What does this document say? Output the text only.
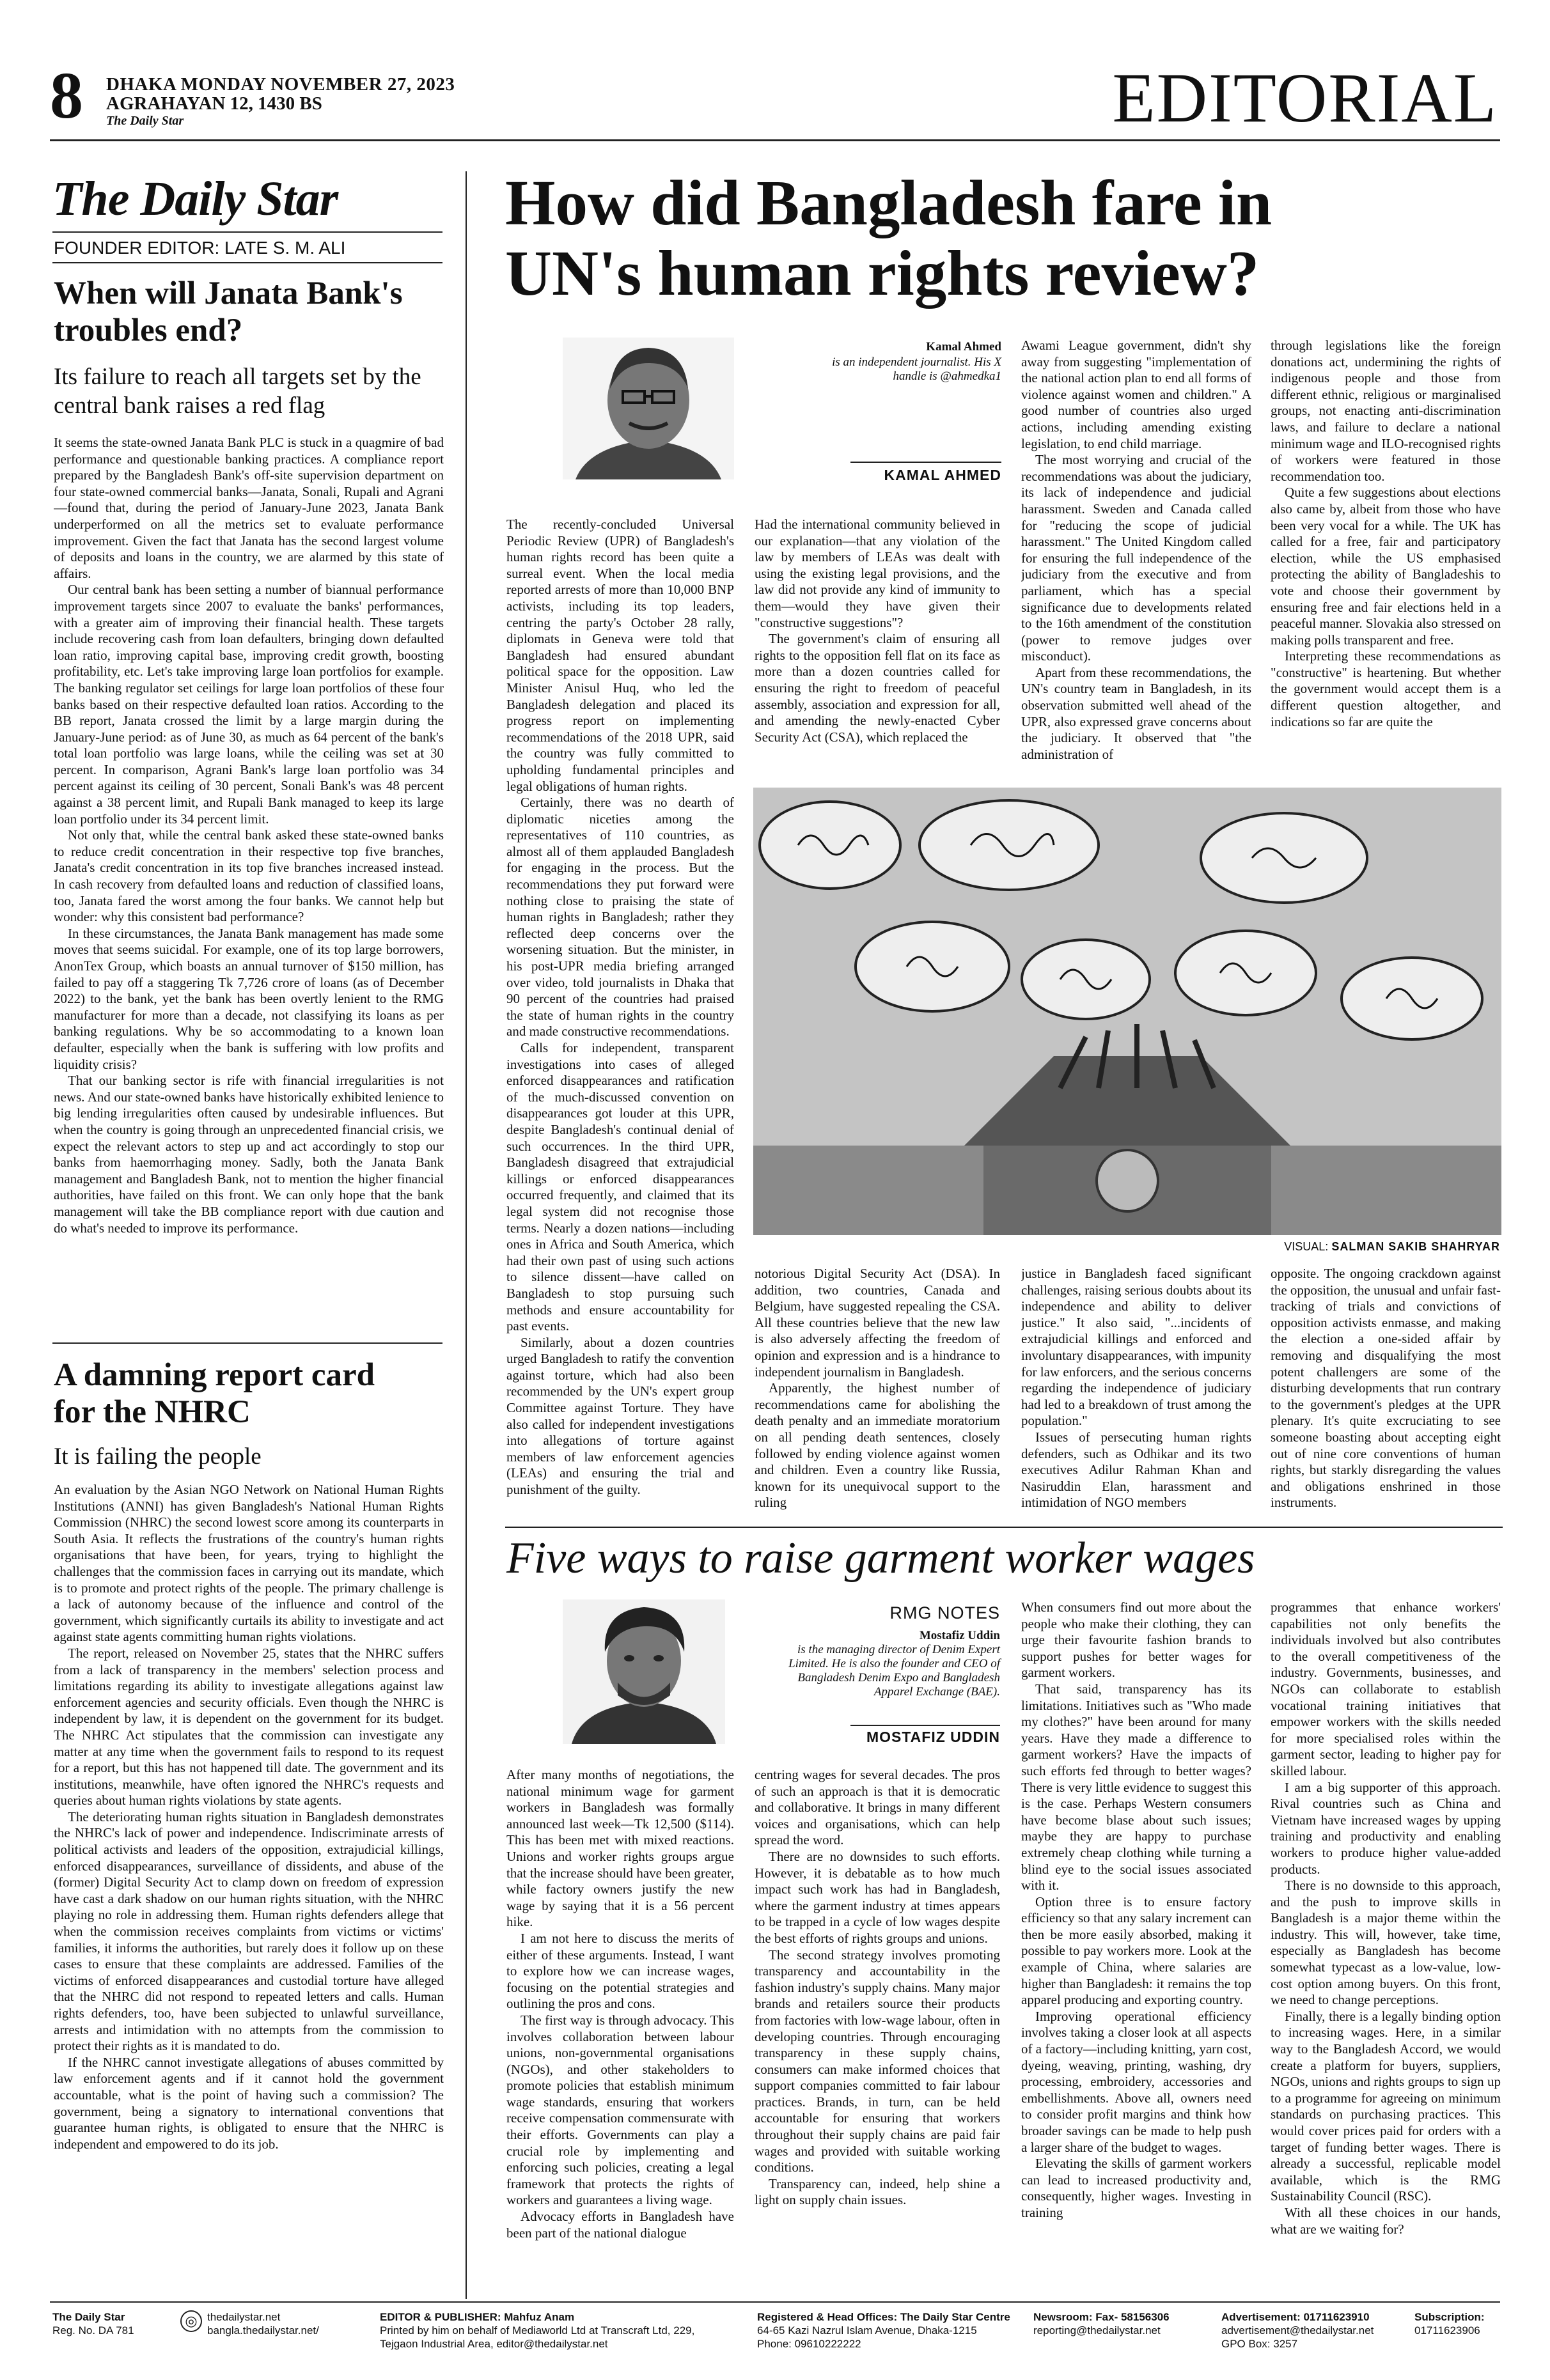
8 DHAKA MONDAY NOVEMBER 27, 2023
AGRAHAYAN 12, 1430 BS
The Daily Star	EDITORIAL
The Daily Star
FOUNDER EDITOR: LATE S. M. ALI
When will Janata Bank's troubles end?
Its failure to reach all targets set by the central bank raises a red flag

It seems the state-owned Janata Bank PLC is stuck in a quagmire of bad performance and questionable banking practices. A compliance report prepared by the Bangladesh Bank's off-site supervision department on four state-owned commercial banks—Janata, Sonali, Rupali and Agrani—found that, during the period of January-June 2023, Janata Bank underperformed on all the metrics set to evaluate performance improvement. Given the fact that Janata has the second largest volume of deposits and loans in the country, we are alarmed by this state of affairs.

Our central bank has been setting a number of biannual performance improvement targets since 2007 to evaluate the banks' performances, with a greater aim of improving their financial health. These targets include recovering cash from loan defaulters, bringing down defaulted loan ratio, improving capital base, improving credit growth, boosting profitability, etc. Let's take improving large loan portfolios for example. The banking regulator set ceilings for large loan portfolios of these four banks based on their respective defaulted loan ratios. According to the BB report, Janata crossed the limit by a large margin during the January-June period: as of June 30, as much as 64 percent of the bank's total loan portfolio was large loans, while the ceiling was set at 30 percent. In comparison, Agrani Bank's large loan portfolio was 34 percent against its ceiling of 30 percent, Sonali Bank's was 48 percent against a 38 percent limit, and Rupali Bank managed to keep its large loan portfolio under its 34 percent limit.

Not only that, while the central bank asked these state-owned banks to reduce credit concentration in their respective top five branches, Janata's credit concentration in its top five branches increased instead. In cash recovery from defaulted loans and reduction of classified loans, too, Janata fared the worst among the four banks. We cannot help but wonder: why this consistent bad performance?

In these circumstances, the Janata Bank management has made some moves that seems suicidal. For example, one of its top large borrowers, AnonTex Group, which boasts an annual turnover of $150 million, has failed to pay off a staggering Tk 7,726 crore of loans (as of December 2022) to the bank, yet the bank has been overtly lenient to the RMG manufacturer for more than a decade, not classifying its loans as per banking regulations. Why be so accommodating to a known loan defaulter, especially when the bank is suffering with low profits and liquidity crisis?

That our banking sector is rife with financial irregularities is not news. And our state-owned banks have historically exhibited lenience to big lending irregularities often caused by undesirable influences. But when the country is going through an unprecedented financial crisis, we expect the relevant actors to step up and act accordingly to stop our banks from haemorrhaging money. Sadly, both the Janata Bank management and Bangladesh Bank, not to mention the higher financial authorities, have failed on this front. We can only hope that the bank management will take the BB compliance report with due caution and do what's needed to improve its performance.

A damning report card for the NHRC
It is failing the people

An evaluation by the Asian NGO Network on National Human Rights Institutions (ANNI) has given Bangladesh's National Human Rights Commission (NHRC) the second lowest score among its counterparts in South Asia. It reflects the frustrations of the country's human rights organisations that have been, for years, trying to highlight the challenges that the commission faces in carrying out its mandate, which is to promote and protect rights of the people. The primary challenge is a lack of autonomy because of the influence and control of the government, which significantly curtails its ability to investigate and act against state agents committing human rights violations.

The report, released on November 25, states that the NHRC suffers from a lack of transparency in the members' selection process and limitations regarding its ability to investigate allegations against law enforcement agencies and security officials. Even though the NHRC is independent by law, it is dependent on the government for its budget. The NHRC Act stipulates that the commission can investigate any matter at any time when the government fails to respond to its request for a report, but this has not happened till date. The government and its institutions, meanwhile, have often ignored the NHRC's requests and queries about human rights violations by state agents.

The deteriorating human rights situation in Bangladesh demonstrates the NHRC's lack of power and independence. Indiscriminate arrests of political activists and leaders of the opposition, extrajudicial killings, enforced disappearances, surveillance of dissidents, and abuse of the (former) Digital Security Act to clamp down on freedom of expression have cast a dark shadow on our human rights situation, with the NHRC playing no role in addressing them. Human rights defenders allege that when the commission receives complaints from victims or victims' families, it informs the authorities, but rarely does it follow up on these cases to ensure that these complaints are addressed. Families of the victims of enforced disappearances and custodial torture have alleged that the NHRC did not respond to repeated letters and calls. Human rights defenders, too, have been subjected to unlawful surveillance, arrests and intimidation with no attempts from the commission to protect their rights as it is mandated to do.

If the NHRC cannot investigate allegations of abuses committed by law enforcement agents and if it cannot hold the government accountable, what is the point of having such a commission? The government, being a signatory to international conventions that guarantee human rights, is obligated to ensure that the NHRC is independent and empowered to do its job.

How did Bangladesh fare in
UN's human rights review?
Kamal Ahmed
is an independent journalist. His X handle is @ahmedka1
KAMAL AHMED

The recently-concluded Universal Periodic Review (UPR) of Bangladesh's human rights record has been quite a surreal event. When the local media reported arrests of more than 10,000 BNP activists, including its top leaders, centring the party's October 28 rally, diplomats in Geneva were told that Bangladesh had ensured abundant political space for the opposition. Law Minister Anisul Huq, who led the Bangladesh delegation and placed its progress report on implementing recommendations of the 2018 UPR, said the country was fully committed to upholding fundamental principles and legal obligations of human rights.

Certainly, there was no dearth of diplomatic niceties among the representatives of 110 countries, as almost all of them applauded Bangladesh for engaging in the process. But the recommendations they put forward were nothing close to praising the state of human rights in Bangladesh; rather they reflected deep concerns over the worsening situation. But the minister, in his post-UPR media briefing arranged over video, told journalists in Dhaka that 90 percent of the countries had praised the state of human rights in the country and made constructive recommendations.

Calls for independent, transparent investigations into cases of alleged enforced disappearances and ratification of the much-discussed convention on disappearances got louder at this UPR, despite Bangladesh's continual denial of such occurrences. In the third UPR, Bangladesh disagreed that extrajudicial killings or enforced disappearances occurred frequently, and claimed that its legal system did not recognise those terms. Nearly a dozen nations—including ones in Africa and South America, which had their own past of using such actions to silence dissent—have called on Bangladesh to stop pursuing such methods and ensure accountability for past events.

Similarly, about a dozen countries urged Bangladesh to ratify the convention against torture, which had also been recommended by the UN's expert group Committee against Torture. They have also called for independent investigations into allegations of torture against members of law enforcement agencies (LEAs) and ensuring the trial and punishment of the guilty.

Had the international community believed in our explanation—that any violation of the law by members of LEAs was dealt with using the existing legal provisions, and the law did not provide any kind of immunity to them—would they have given their "constructive suggestions"?

The government's claim of ensuring all rights to the opposition fell flat on its face as more than a dozen countries called for ensuring the right to freedom of peaceful assembly, association and expression for all, and amending the newly-enacted Cyber Security Act (CSA), which replaced the

Awami League government, didn't shy away from suggesting "implementation of the national action plan to end all forms of violence against women and children." A good number of countries also urged actions, including amending existing legislation, to end child marriage.

The most worrying and crucial of the recommendations was about the judiciary, its lack of independence and judicial harassment. Sweden and Canada called for "reducing the scope of judicial harassment." The United Kingdom called for ensuring the full independence of the judiciary from the executive and from parliament, which has a special significance due to developments related to the 16th amendment of the constitution (power to remove judges over misconduct).

Apart from these recommendations, the UN's country team in Bangladesh, in its observation submitted well ahead of the UPR, also expressed grave concerns about the judiciary. It observed that "the administration of

through legislations like the foreign donations act, undermining the rights of indigenous people and those from different ethnic, religious or marginalised groups, not enacting anti-discrimination laws, and failure to declare a national minimum wage and ILO-recognised rights of workers were featured in those recommendation too.

Quite a few suggestions about elections also came by, albeit from those who have been very vocal for a while. The UK has called for a free, fair and participatory election, while the US emphasised protecting the ability of Bangladeshis to vote and choose their government by ensuring free and fair elections held in a peaceful manner. Slovakia also stressed on making polls transparent and free.

Interpreting these recommendations as "constructive" is heartening. But whether the government would accept them is a different question altogether, and indications so far are quite the

VISUAL: SALMAN SAKIB SHAHRYAR

notorious Digital Security Act (DSA). In addition, two countries, Canada and Belgium, have suggested repealing the CSA. All these countries believe that the new law is also adversely affecting the freedom of opinion and expression and is a hindrance to independent journalism in Bangladesh.

Apparently, the highest number of recommendations came for abolishing the death penalty and an immediate moratorium on all pending death sentences, closely followed by ending violence against women and children. Even a country like Russia, known for its unequivocal support to the ruling

justice in Bangladesh faced significant challenges, raising serious doubts about its independence and ability to deliver justice." It also said, "...incidents of extrajudicial killings and enforced and involuntary disappearances, with impunity for law enforcers, and the serious concerns regarding the independence of judiciary had led to a breakdown of trust among the population."

Issues of persecuting human rights defenders, such as Odhikar and its two executives Adilur Rahman Khan and Nasiruddin Elan, harassment and intimidation of NGO members

opposite. The ongoing crackdown against the opposition, the unusual and unfair fast-tracking of trials and convictions of opposition activists enmasse, and making the election a one-sided affair by removing and disqualifying the most potent challengers are some of the disturbing developments that run contrary to the government's pledges at the UPR plenary. It's quite excruciating to see someone boasting about accepting eight out of nine core conventions of human rights, but starkly disregarding the values and obligations enshrined in those instruments.

Five ways to raise garment worker wages
RMG NOTES
Mostafiz Uddin
is the managing director of Denim Expert Limited. He is also the founder and CEO of Bangladesh Denim Expo and Bangladesh Apparel Exchange (BAE).
MOSTAFIZ UDDIN

After many months of negotiations, the national minimum wage for garment workers in Bangladesh was formally announced last week—Tk 12,500 ($114). This has been met with mixed reactions. Unions and worker rights groups argue that the increase should have been greater, while factory owners justify the new wage by saying that it is a 56 percent hike.

I am not here to discuss the merits of either of these arguments. Instead, I want to explore how we can increase wages, focusing on the potential strategies and outlining the pros and cons.

The first way is through advocacy. This involves collaboration between labour unions, non-governmental organisations (NGOs), and other stakeholders to promote policies that establish minimum wage standards, ensuring that workers receive compensation commensurate with their efforts. Governments can play a crucial role by implementing and enforcing such policies, creating a legal framework that protects the rights of workers and guarantees a living wage.

Advocacy efforts in Bangladesh have been part of the national dialogue

centring wages for several decades. The pros of such an approach is that it is democratic and collaborative. It brings in many different voices and organisations, which can help spread the word.

There are no downsides to such efforts. However, it is debatable as to how much impact such work has had in Bangladesh, where the garment industry at times appears to be trapped in a cycle of low wages despite the best efforts of rights groups and unions.

The second strategy involves promoting transparency and accountability in the fashion industry's supply chains. Many major brands and retailers source their products from factories with low-wage labour, often in developing countries. Through encouraging transparency in these supply chains, consumers can make informed choices that support companies committed to fair labour practices. Brands, in turn, can be held accountable for ensuring that workers throughout their supply chains are paid fair wages and provided with suitable working conditions.

Transparency can, indeed, help shine a light on supply chain issues.

When consumers find out more about the people who make their clothing, they can urge their favourite fashion brands to support pushes for better wages for garment workers.

That said, transparency has its limitations. Initiatives such as "Who made my clothes?" have been around for many years. Have they made a difference to garment workers? Have the impacts of such efforts fed through to better wages? There is very little evidence to suggest this is the case. Perhaps Western consumers have become blase about such issues; maybe they are happy to purchase extremely cheap clothing while turning a blind eye to the social issues associated with it.

Option three is to ensure factory efficiency so that any salary increment can then be more easily absorbed, making it possible to pay workers more. Look at the example of China, where salaries are higher than Bangladesh: it remains the top apparel producing and exporting country.

Improving operational efficiency involves taking a closer look at all aspects of a factory—including knitting, yarn cost, dyeing, weaving, printing, washing, dry processing, embroidery, accessories and embellishments. Above all, owners need to consider profit margins and think how broader savings can be made to help push a larger share of the budget to wages.

Elevating the skills of garment workers can lead to increased productivity and, consequently, higher wages. Investing in training

programmes that enhance workers' capabilities not only benefits the individuals involved but also contributes to the overall competitiveness of the industry. Governments, businesses, and NGOs can collaborate to establish vocational training initiatives that empower workers with the skills needed for more specialised roles within the garment sector, leading to higher pay for skilled labour.

I am a big supporter of this approach. Rival countries such as China and Vietnam have increased wages by upping training and productivity and enabling workers to produce higher value-added products.

There is no downside to this approach, and the push to improve skills in Bangladesh is a major theme within the industry. This will, however, take time, especially as Bangladesh has become somewhat typecast as a low-value, low-cost option among buyers. On this front, we need to change perceptions.

Finally, there is a legally binding option to increasing wages. Here, in a similar way to the Bangladesh Accord, we would create a platform for buyers, suppliers, NGOs, unions and rights groups to sign up to a programme for agreeing on minimum standards on purchasing practices. This would cover prices paid for orders with a target of funding better wages. There is already a successful, replicable model available, which is the RMG Sustainability Council (RSC).

With all these choices in our hands, what are we waiting for?

The Daily Star
Reg. No. DA 781
◎ thedailystar.net
bangla.thedailystar.net/
EDITOR & PUBLISHER: Mahfuz Anam
Printed by him on behalf of Mediaworld Ltd at Transcraft Ltd, 229,
Tejgaon Industrial Area, editor@thedailystar.net
Registered & Head Offices: The Daily Star Centre
64-65 Kazi Nazrul Islam Avenue, Dhaka-1215
Phone: 09610222222
Newsroom: Fax- 58156306
reporting@thedailystar.net
Advertisement: 01711623910
advertisement@thedailystar.net
GPO Box: 3257
Subscription:
01711623906
